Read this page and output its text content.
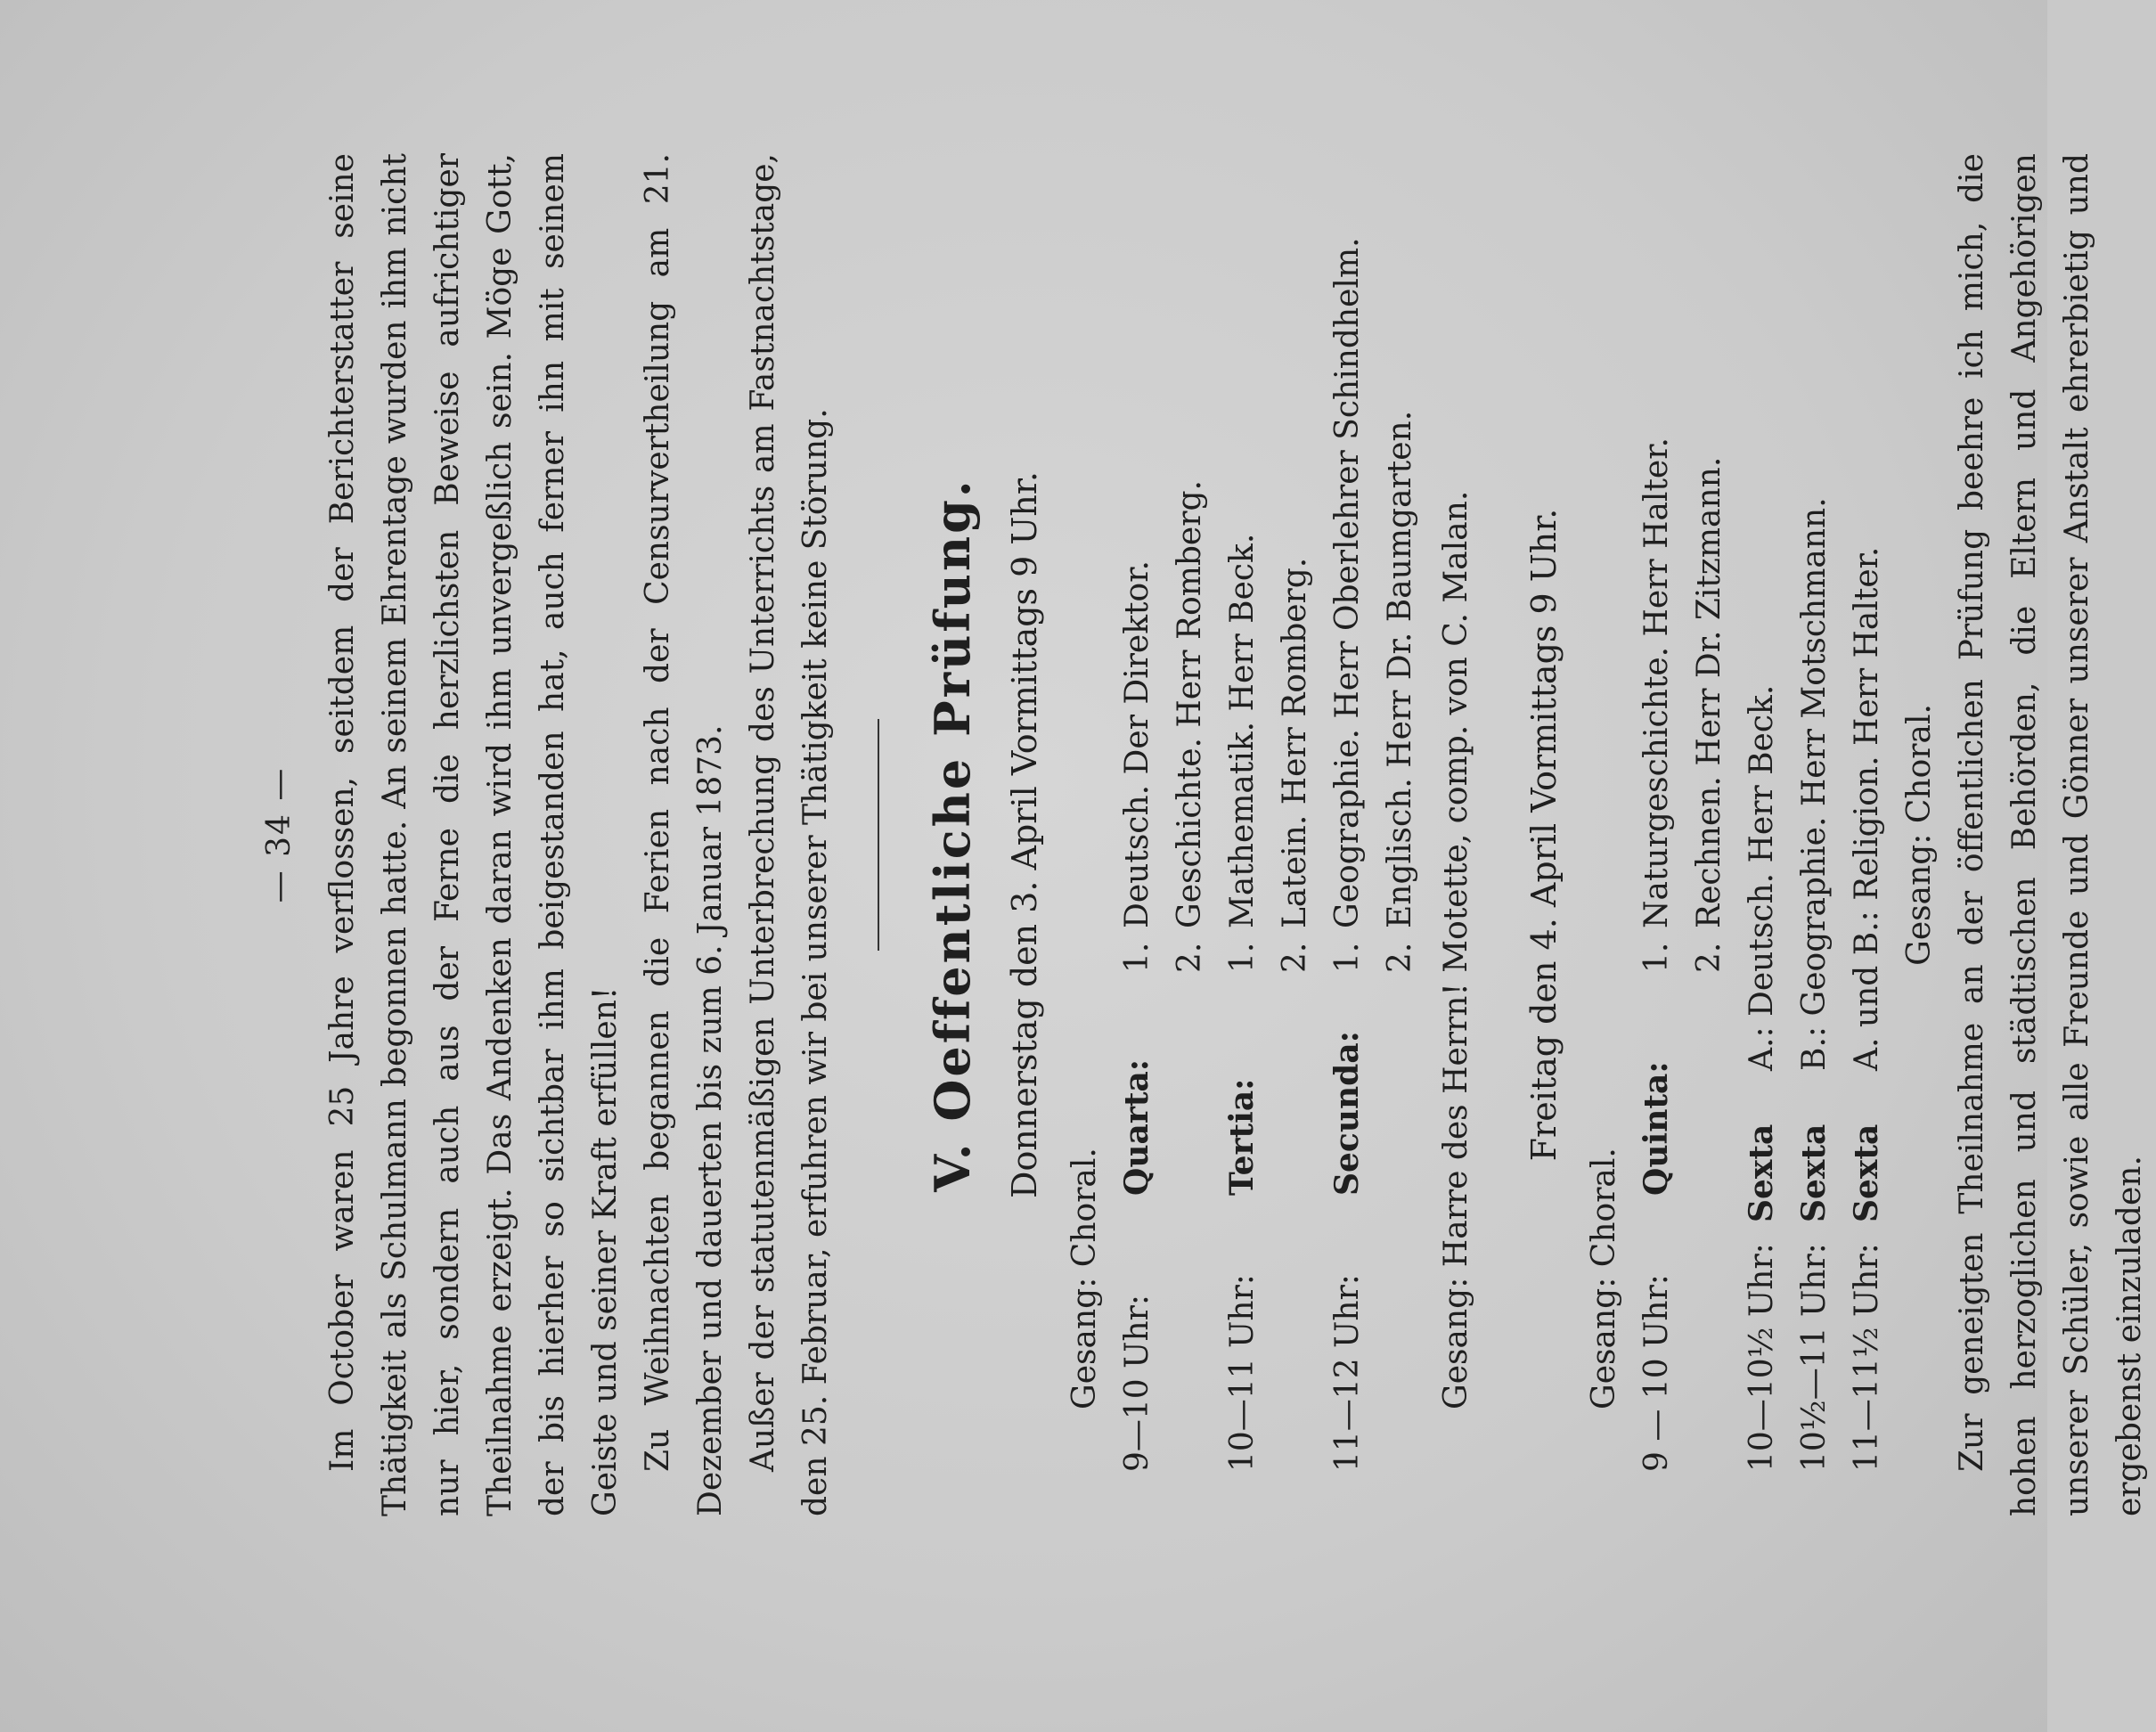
— 34 — Im October waren 25 Jahre verflossen, seitdem der Berichterstatter seine Thätigkeit als Schulmann begonnen hatte. An seinem Ehrentage wurden ihm nicht nur hier, sondern auch aus der Ferne die herzlichsten Beweise aufrichtiger Theilnahme erzeigt. Das Andenken daran wird ihm unvergeßlich sein. Möge Gott, der bis hierher so sichtbar ihm beigestanden hat, auch ferner ihn mit seinem Geiste und seiner Kraft erfüllen! Zu Weihnachten begannen die Ferien nach der Censurvertheilung am 21. Dezember und dauerten bis zum 6. Januar 1873. Außer der statutenmäßigen Unterbrechung des Unterrichts am Fastnachtstage, den 25. Februar, erfuhren wir bei unserer Thätigkeit keine Störung. V. Oeffentliche Prüfung. Donnerstag den 3. April Vormittags 9 Uhr.
Gesang: Choral. 9—10 Uhr:
Quarta:
1.
Deutsch. Der Direktor.
2.
Geschichte. Herr Romberg.
10—11 Uhr:
Tertia:
1.
Mathematik. Herr Beck.
2.
Latein. Herr Romberg.
11—12 Uhr:
Secunda:
1.
Geographie. Herr Oberlehrer Schindhelm.
2.
Englisch. Herr Dr. Baumgarten. Gesang: Harre des Herrn! Motette, comp. von C. Malan. Freitag den 4. April Vormittags 9 Uhr.
Gesang: Choral. 9 — 10 Uhr:
Quinta:
1.
Naturgeschichte. Herr Halter.
2.
Rechnen. Herr Dr. Zitzmann.
10—10½ Uhr:
Sexta
A.: Deutsch. Herr Beck.
10½—11 Uhr:
Sexta
B.: Geographie. Herr Motschmann.
11—11½ Uhr:
Sexta
A. und B.: Religion. Herr Halter. Gesang: Choral. Zur geneigten Theilnahme an der öffentlichen Prüfung beehre ich mich, die hohen herzoglichen und städtischen Behörden, die Eltern und Angehörigen unserer Schüler, sowie alle Freunde und Gönner unserer Anstalt ehrerbietig und ergebenst einzuladen.
